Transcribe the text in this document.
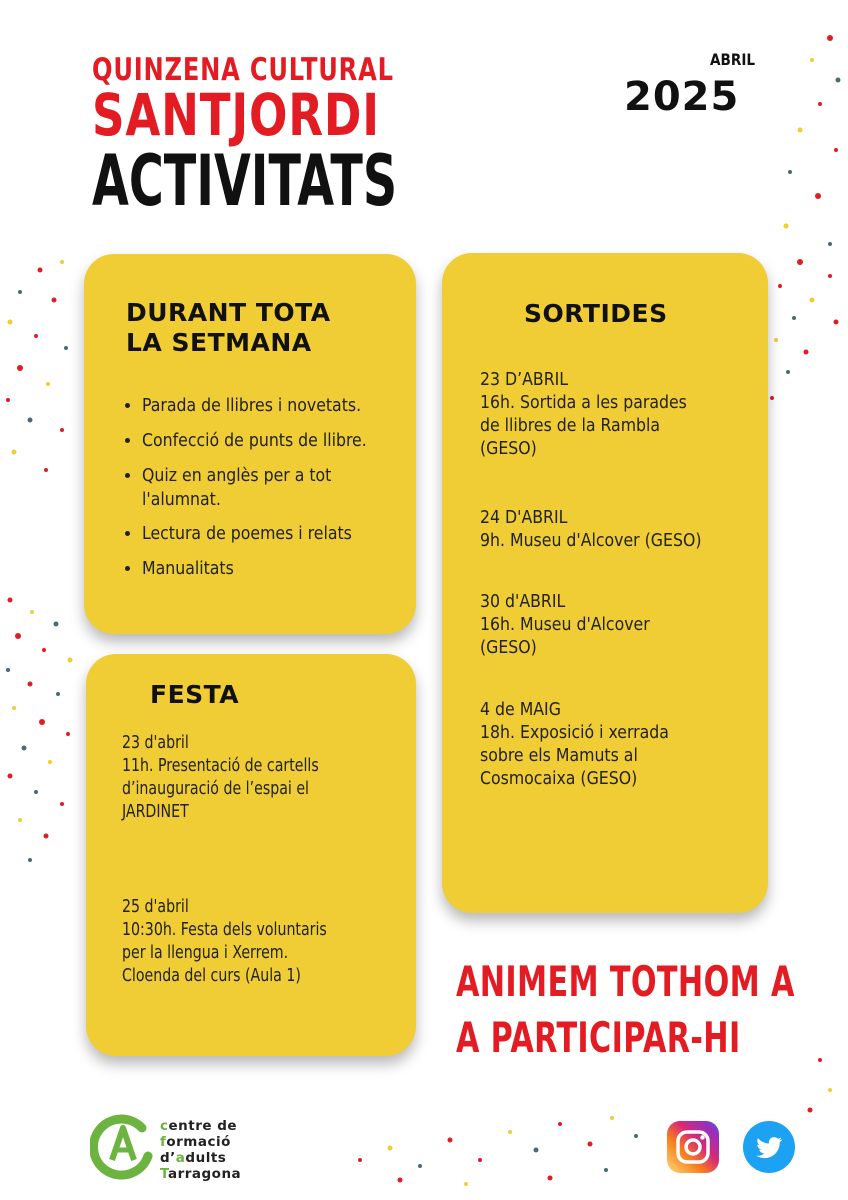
QUINZENA CULTURAL
SANTJORDI
ACTIVITATS
ABRIL
2025
DURANT TOTA
LA SETMANA
• Parada de llibres i novetats.
• Confecció de punts de llibre.
• Quiz en anglès per a tot l'alumnat.
• Lectura de poemes i relats
• Manualitats
SORTIDES
23 D’ABRIL
16h. Sortida a les parades
de llibres de la Rambla
(GESO)
24 D'ABRIL
9h. Museu d'Alcover (GESO)
30 d'ABRIL
16h. Museu d'Alcover
(GESO)
4 de MAIG
18h. Exposició i xerrada
sobre els Mamuts al
Cosmocaixa (GESO)
FESTA
23 d'abril
11h. Presentació de cartells
d’inauguració de l’espai el
JARDINET
25 d'abril
10:30h. Festa dels voluntaris
per la llengua i Xerrem.
Cloenda del curs (Aula 1)	ANIMEM TOTHOM A
A PARTICIPAR-HI
centre de
formació
d’adults
Tarragona
